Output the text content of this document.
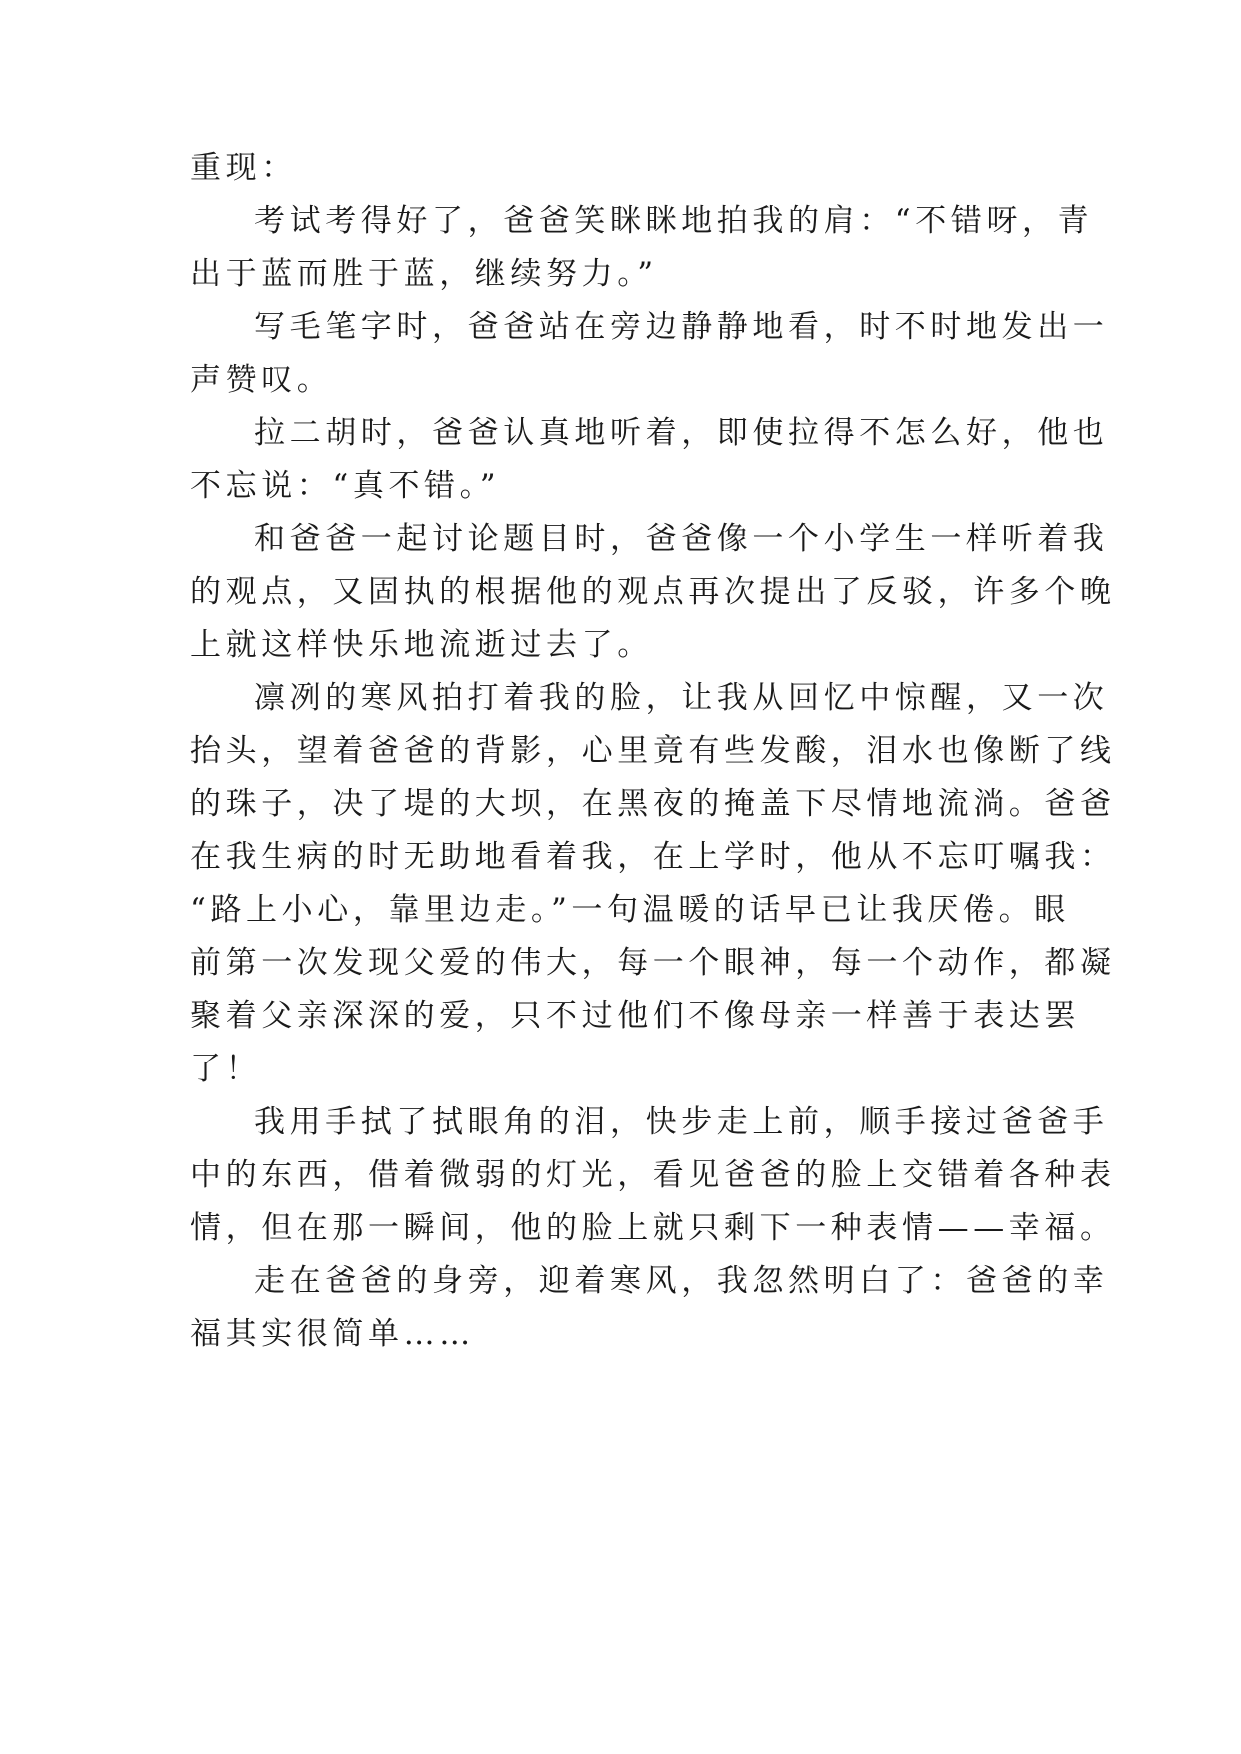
重现：
考试考得好了，爸爸笑眯眯地拍我的肩：“不错呀，青
出于蓝而胜于蓝，继续努力。”
写毛笔字时，爸爸站在旁边静静地看，时不时地发出一
声赞叹。
拉二胡时，爸爸认真地听着，即使拉得不怎么好，他也
不忘说：“真不错。”
和爸爸一起讨论题目时，爸爸像一个小学生一样听着我
的观点，又固执的根据他的观点再次提出了反驳，许多个晚
上就这样快乐地流逝过去了。
凛冽的寒风拍打着我的脸，让我从回忆中惊醒，又一次
抬头，望着爸爸的背影，心里竟有些发酸，泪水也像断了线
的珠子，决了堤的大坝，在黑夜的掩盖下尽情地流淌。爸爸
在我生病的时无助地看着我，在上学时，他从不忘叮嘱我：
“路上小心，靠里边走。”一句温暖的话早已让我厌倦。眼
前第一次发现父爱的伟大，每一个眼神，每一个动作，都凝
聚着父亲深深的爱，只不过他们不像母亲一样善于表达罢
了！
我用手拭了拭眼角的泪，快步走上前，顺手接过爸爸手
中的东西，借着微弱的灯光，看见爸爸的脸上交错着各种表
情，但在那一瞬间，他的脸上就只剩下一种表情——幸福。
走在爸爸的身旁，迎着寒风，我忽然明白了：爸爸的幸
福其实很简单……
